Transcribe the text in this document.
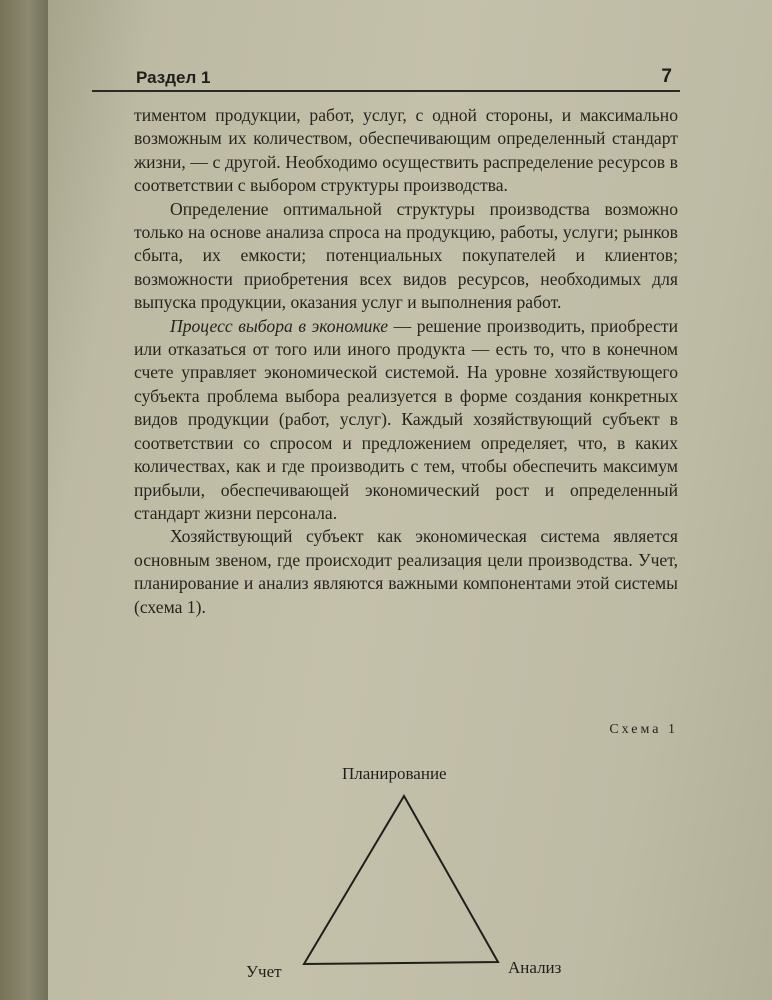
Раздел 1	7

тиментом продукции, работ, услуг, с одной стороны, и максимально возможным их количеством, обеспечивающим определенный стандарт жизни, — с другой. Необходимо осуществить распределение ресурсов в соответствии с выбором структуры производства.

Определение оптимальной структуры производства возможно только на основе анализа спроса на продукцию, работы, услуги; рынков сбыта, их емкости; потенциальных покупателей и клиентов; возможности приобретения всех видов ресурсов, необходимых для выпуска продукции, оказания услуг и выполнения работ.

Процесс выбора в экономике — решение производить, приобрести или отказаться от того или иного продукта — есть то, что в конечном счете управляет экономической системой. На уровне хозяйствующего субъекта проблема выбора реализуется в форме создания конкретных видов продукции (работ, услуг). Каждый хозяйствующий субъект в соответствии со спросом и предложением определяет, что, в каких количествах, как и где производить с тем, чтобы обеспечить максимум прибыли, обеспечивающей экономический рост и определенный стандарт жизни персонала.

Хозяйствующий субъект как экономическая система является основным звеном, где происходит реализация цели производства. Учет, планирование и анализ являются важными компонентами этой системы (схема 1).

Схема 1
Планирование
Учет	Анализ
